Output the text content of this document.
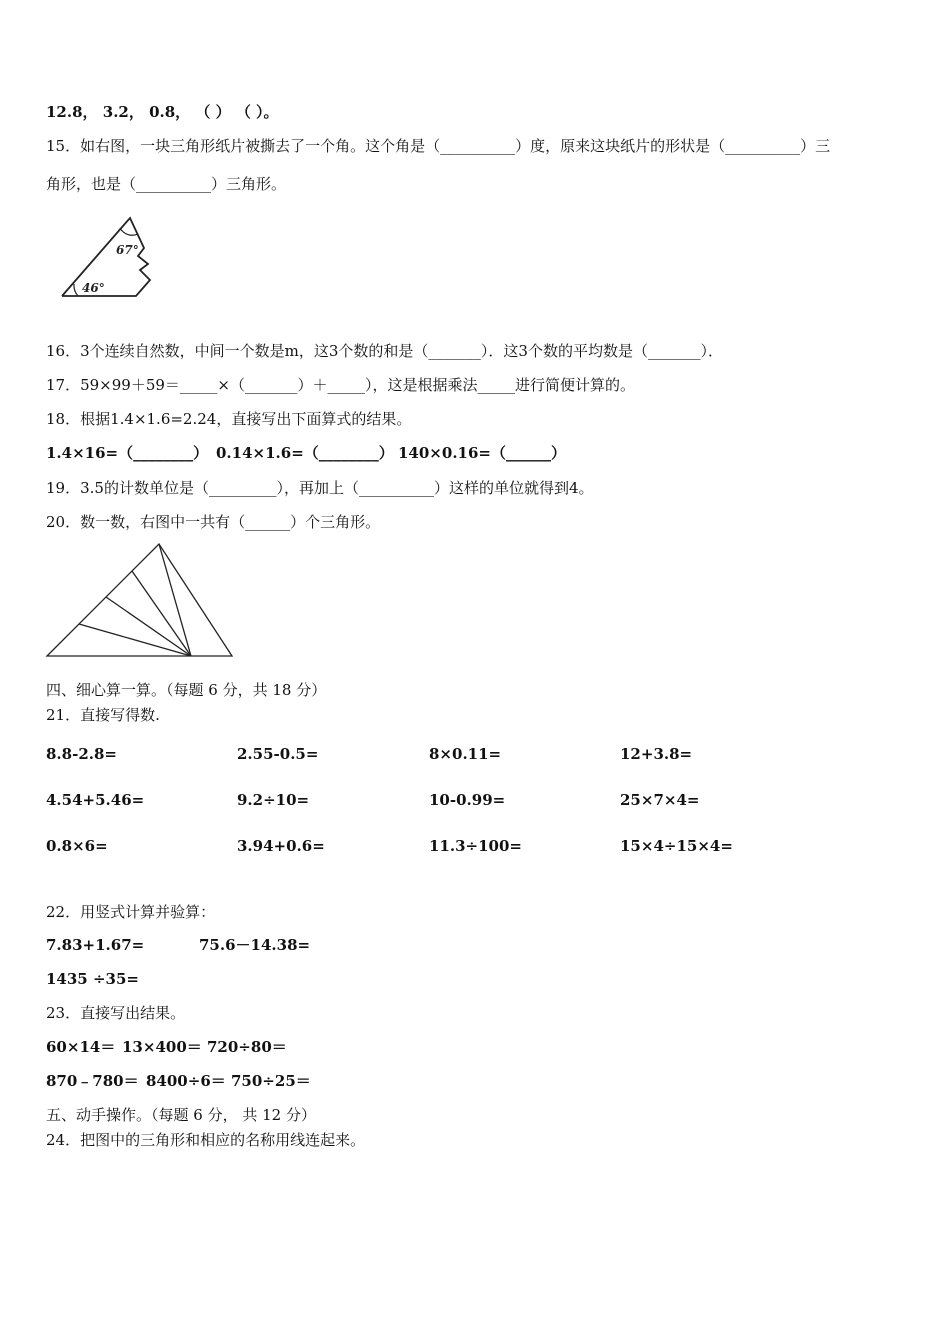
12.8， 3.2， 0.8， （ ） （ ）。
15．如右图，一块三角形纸片被撕去了一个角。这个角是（__________）度，原来这块纸片的形状是（__________）三
角形，也是（__________）三角形。
67°
46°
16．3个连续自然数，中间一个数是m，这3个数的和是（_______）．这3个数的平均数是（_______）．
17．59×99＋59＝_____×（_______）＋_____），这是根据乘法_____进行简便计算的。
18．根据1.4×1.6=2.24，直接写出下面算式的结果。
1.4×16=（________） 0.14×1.6=（________） 140×0.16=（______）
19．3.5的计数单位是（_________），再加上（__________）这样的单位就得到4。
20．数一数，右图中一共有（______）个三角形。
四、细心算一算。（每题 6 分，共 18 分）
21．直接写得数.
8.8-2.8=	2.55-0.5=	8×0.11=	12+3.8=
4.54+5.46=	9.2÷10=	10-0.99=	25×7×4=
0.8×6=	3.94+0.6=	11.3÷100=	15×4÷15×4=
22．用竖式计算并验算：
7.83+1.67=	75.6－14.38=
1435 ÷35=
23．直接写出结果。
60×14＝ 13×400＝ 720÷80＝
870﹣780＝ 8400÷6＝ 750÷25＝
五、动手操作。（每题 6 分， 共 12 分）
24．把图中的三角形和相应的名称用线连起来。
